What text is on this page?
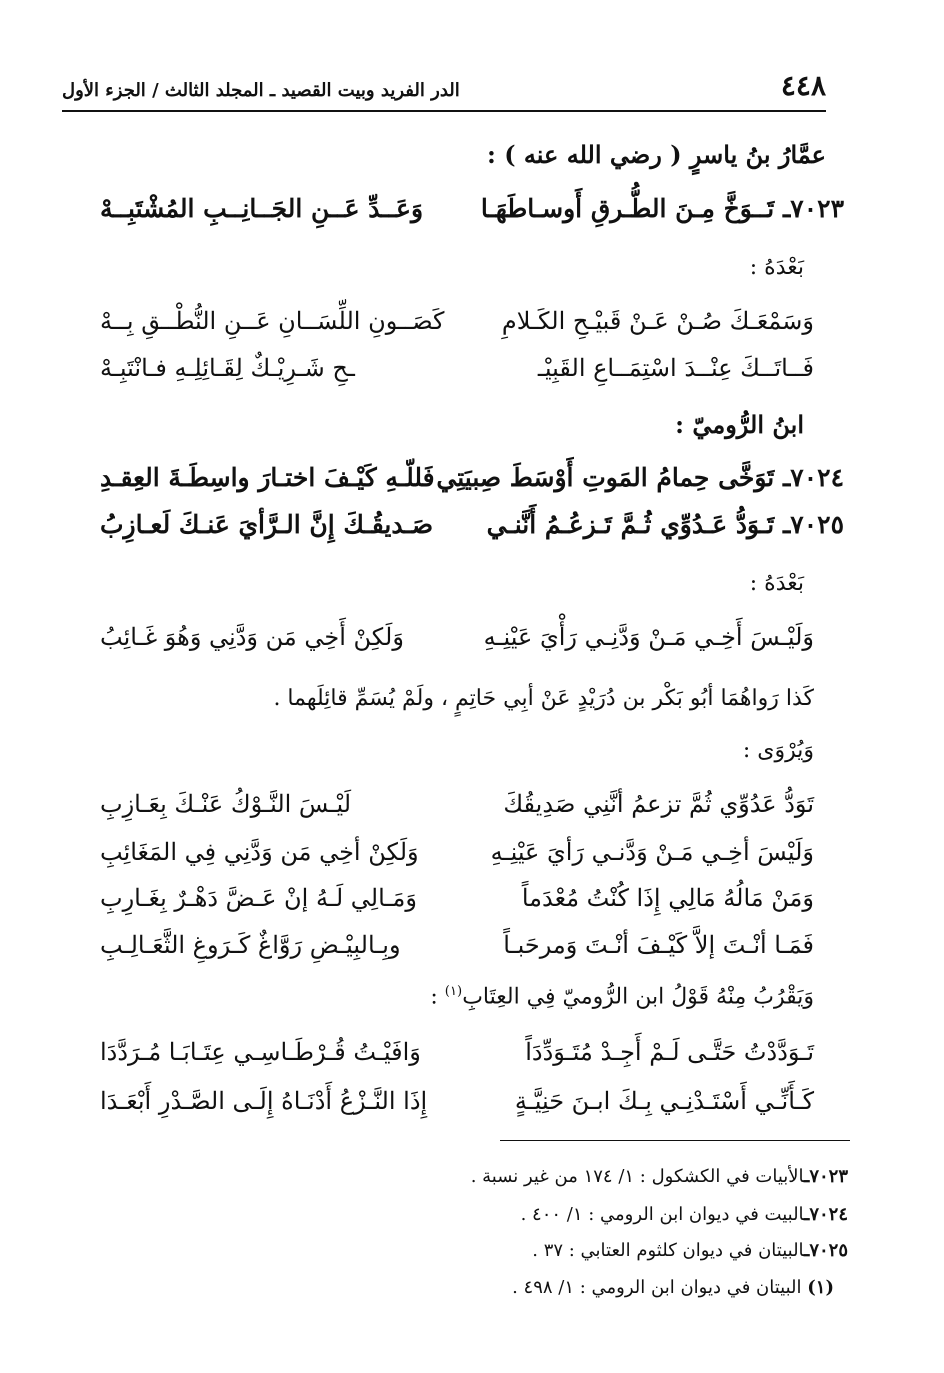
٤٤٨
الدر الفريد وبيت القصيد ـ المجلد الثالث / الجزء الأول
عمَّارُ بنُ ياسرٍ ( رضي الله عنه ) :
٧٠٢٣ـ تَــوَخَّ مِـنَ الطُّـرقِ أَوسـاطَهَـا
وَعَــدِّ عَــنِ الجَــانِــبِ المُشْتَبِــهْ
بَعْدَهُ :
وَسَمْعَـكَ صُـنْ عَـنْ قَبيْـحِ الكَـلامِ
كَصَــونِ اللِّسَــانِ عَــنِ النُّطْــقِ بِــهْ
فَــاتَــكَ عِنْــدَ اسْتِمَــاعِ القَبِيْـ
ـحِ شَـرِيْـكٌ لِقَـائِلِـهِ فـانْتَبِـهْ
ابنُ الرُّوميّ :
٧٠٢٤ـ تَوَخَّى حِمامُ المَوتِ أَوْسَطَ صِبيَتِي
فَللّـهِ كَيْـفَ اختـارَ واسِطَـةَ العِقـدِ
٧٠٢٥ـ تَـوَدُّ عَـدُوِّي ثُـمَّ تَـزعُـمُ أَنَّنـي
صَـديقُـكَ إِنَّ الـرَّأيَ عَنـكَ لَعـازِبُ
بَعْدَهُ :
وَلَيْـسَ أَخِـي مَـنْ وَدَّنِـي رَأْيَ عَيْنِـهِ
وَلَكِنْ أَخِي مَن وَدَّنِي وَهُوَ غَـائِبُ
كَذا رَواهُمَا أبُو بَكْر بن دُرَيْدٍ عَنْ أبِي حَاتِمٍ ، ولَمْ يُسَمِّ قائِلَهما .
وَيُرْوَى :
تَوَدُّ عَدُوِّي ثُمَّ تزعمُ أنَّنِي صَدِيقُكَ
لَيْـسَ النَّـوْكُ عَنْـكَ بِعَـازِبِ
وَلَيْسَ أخِـي مَـنْ وَدَّنـي رَأيَ عَيْنِـهِ
وَلَكِنْ أخِي مَن وَدَّنِي فِي المَغَائِبِ
وَمَنْ مَالُهُ مَالِي إِذَا كُنْتُ مُعْدَماً
وَمَـالِي لَـهُ إنْ عَـضَّ دَهْـرٌ بِغَـارِبِ
فَمَـا أنْـتَ إلاَّ كَيْـفَ أنْـتَ وَمرحَبـاً
وبِـالبِيْـضِ رَوَّاغٌ كَـرَوغِ الثَّعَـالِـبِ
وَيَقْرُبُ مِنْهُ قَوْلُ ابن الرُّوميّ فِي العِتَابِ$^{(١)}$ :
تَـوَدَّدْتُ حَتَّـى لَـمْ أَجِـدْ مُتَـوَدِّدَاً
وَافَيْـتُ قُـرْطَـاسِـي عِتَـابَـا مُـرَدَّدَا
كَـأَنِّـي أَسْتَـدْنِـي بِـكَ ابـنَ حَنِيَّـةٍ
إِذَا النَّـزْعُ أَدْنَـاهُ إِلَـى الصَّـدْرِ أَبْعَـدَا
٧٠٢٣ـالأبيات في الكشكول : ١/ ١٧٤ من غير نسبة .
٧٠٢٤ـالبيت في ديوان ابن الرومي : ١/ ٤٠٠ .
٧٠٢٥ـالبيتان في ديوان كلثوم العتابي : ٣٧ .
(١) البيتان في ديوان ابن الرومي : ١/ ٤٩٨ .
